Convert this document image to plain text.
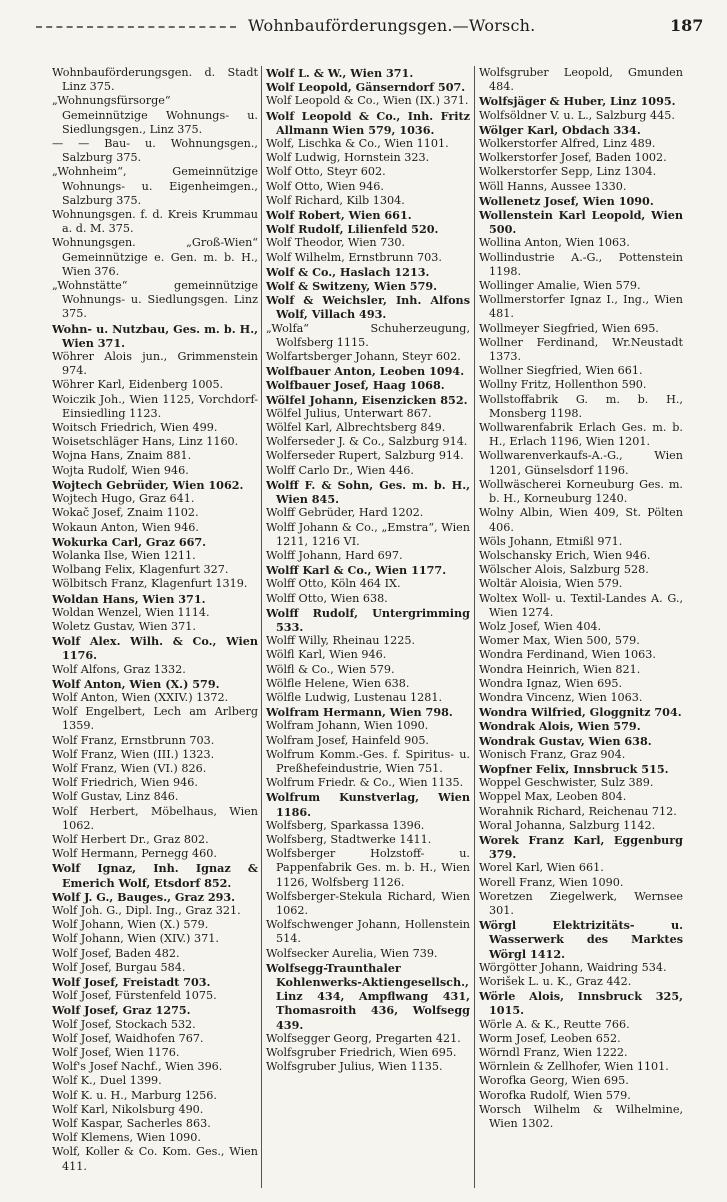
Wohnbauförderungsgen.—Worsch.	187
Wohnbauförderungsgen. d. Stadt Linz 375.
„Wohnungsfürsorge“ Gemeinnützige Wohnungs- u. Siedlungsgen., Linz 375.
— — Bau- u. Wohnungsgen., Salzburg 375.
„Wohnheim“, Gemeinnützige Wohnungs- u. Eigenheimgen., Salzburg 375.
Wohnungsgen. f. d. Kreis Krummau a. d. M. 375.
Wohnungsgen. „Groß-Wien“ Gemeinnützige e. Gen. m. b. H., Wien 376.
„Wohnstätte“ gemeinnützige Wohnungs- u. Siedlungsgen. Linz 375.
Wohn- u. Nutzbau, Ges. m. b. H., Wien 371.
Wöhrer Alois jun., Grimmenstein 974.
Wöhrer Karl, Eidenberg 1005.
Woiczik Joh., Wien 1125, Vorchdorf-Einsiedling 1123.
Woitsch Friedrich, Wien 499.
Woisetschläger Hans, Linz 1160.
Wojna Hans, Znaim 881.
Wojta Rudolf, Wien 946.
Wojtech Gebrüder, Wien 1062.
Wojtech Hugo, Graz 641.
Wokač Josef, Znaim 1102.
Wokaun Anton, Wien 946.
Wokurka Carl, Graz 667.
Wolanka Ilse, Wien 1211.
Wolbang Felix, Klagenfurt 327.
Wölbitsch Franz, Klagenfurt 1319.
Woldan Hans, Wien 371.
Woldan Wenzel, Wien 1114.
Woletz Gustav, Wien 371.
Wolf Alex. Wilh. & Co., Wien 1176.
Wolf Alfons, Graz 1332.
Wolf Anton, Wien (X.) 579.
Wolf Anton, Wien (XXIV.) 1372.
Wolf Engelbert, Lech am Arlberg 1359.
Wolf Franz, Ernstbrunn 703.
Wolf Franz, Wien (III.) 1323.
Wolf Franz, Wien (VI.) 826.
Wolf Friedrich, Wien 946.
Wolf Gustav, Linz 846.
Wolf Herbert, Möbelhaus, Wien 1062.
Wolf Herbert Dr., Graz 802.
Wolf Hermann, Pernegg 460.
Wolf Ignaz, Inh. Ignaz & Emerich Wolf, Etsdorf 852.
Wolf J. G., Bauges., Graz 293.
Wolf Joh. G., Dipl. Ing., Graz 321.
Wolf Johann, Wien (X.) 579.
Wolf Johann, Wien (XIV.) 371.
Wolf Josef, Baden 482.
Wolf Josef, Burgau 584.
Wolf Josef, Freistadt 703.
Wolf Josef, Fürstenfeld 1075.
Wolf Josef, Graz 1275.
Wolf Josef, Stockach 532.
Wolf Josef, Waidhofen 767.
Wolf Josef, Wien 1176.
Wolf's Josef Nachf., Wien 396.
Wolf K., Duel 1399.
Wolf K. u. H., Marburg 1256.
Wolf Karl, Nikolsburg 490.
Wolf Kaspar, Sacherles 863.
Wolf Klemens, Wien 1090.
Wolf, Koller & Co. Kom. Ges., Wien 411.
Wolf L. & W., Wien 371.
Wolf Leopold, Gänserndorf 507.
Wolf Leopold & Co., Wien (IX.) 371.
Wolf Leopold & Co., Inh. Fritz Allmann Wien 579, 1036.
Wolf, Lischka & Co., Wien 1101.
Wolf Ludwig, Hornstein 323.
Wolf Otto, Steyr 602.
Wolf Otto, Wien 946.
Wolf Richard, Kilb 1304.
Wolf Robert, Wien 661.
Wolf Rudolf, Lilienfeld 520.
Wolf Theodor, Wien 730.
Wolf Wilhelm, Ernstbrunn 703.
Wolf & Co., Haslach 1213.
Wolf & Switzeny, Wien 579.
Wolf & Weichsler, Inh. Alfons Wolf, Villach 493.
„Wolfa“ Schuherzeugung, Wolfsberg 1115.
Wolfartsberger Johann, Steyr 602.
Wolfbauer Anton, Leoben 1094.
Wolfbauer Josef, Haag 1068.
Wölfel Johann, Eisenzicken 852.
Wölfel Julius, Unterwart 867.
Wölfel Karl, Albrechtsberg 849.
Wolferseder J. & Co., Salzburg 914.
Wolferseder Rupert, Salzburg 914.
Wolff Carlo Dr., Wien 446.
Wolff F. & Sohn, Ges. m. b. H., Wien 845.
Wolff Gebrüder, Hard 1202.
Wolff Johann & Co., „Emstra“, Wien 1211, 1216 VI.
Wolff Johann, Hard 697.
Wolff Karl & Co., Wien 1177.
Wolff Otto, Köln 464 IX.
Wolff Otto, Wien 638.
Wolff Rudolf, Untergrimming 533.
Wolff Willy, Rheinau 1225.
Wölfl Karl, Wien 946.
Wölfl & Co., Wien 579.
Wölfle Helene, Wien 638.
Wölfle Ludwig, Lustenau 1281.
Wolfram Hermann, Wien 798.
Wolfram Johann, Wien 1090.
Wolfram Josef, Hainfeld 905.
Wolfrum Komm.-Ges. f. Spiritus- u. Preßhefeindustrie, Wien 751.
Wolfrum Friedr. & Co., Wien 1135.
Wolfrum Kunstverlag, Wien 1186.
Wolfsberg, Sparkassa 1396.
Wolfsberg, Stadtwerke 1411.
Wolfsberger Holzstoff- u. Pappenfabrik Ges. m. b. H., Wien 1126, Wolfsberg 1126.
Wolfsberger-Stekula Richard, Wien 1062.
Wolfschwenger Johann, Hollenstein 514.
Wolfsecker Aurelia, Wien 739.
Wolfsegg-Traunthaler Kohlenwerks-Aktiengesellsch., Linz 434, Ampflwang 431, Thomasroith 436, Wolfsegg 439.
Wolfsegger Georg, Pregarten 421.
Wolfsgruber Friedrich, Wien 695.
Wolfsgruber Julius, Wien 1135.
Wolfsgruber Leopold, Gmunden 484.
Wolfsjäger & Huber, Linz 1095.
Wolfsöldner V. u. L., Salzburg 445.
Wölger Karl, Obdach 334.
Wolkerstorfer Alfred, Linz 489.
Wolkerstorfer Josef, Baden 1002.
Wolkerstorfer Sepp, Linz 1304.
Wöll Hanns, Aussee 1330.
Wollenetz Josef, Wien 1090.
Wollenstein Karl Leopold, Wien 500.
Wollina Anton, Wien 1063.
Wollindustrie A.-G., Pottenstein 1198.
Wollinger Amalie, Wien 579.
Wollmerstorfer Ignaz I., Ing., Wien 481.
Wollmeyer Siegfried, Wien 695.
Wollner Ferdinand, Wr.Neustadt 1373.
Wollner Siegfried, Wien 661.
Wollny Fritz, Hollenthon 590.
Wollstoffabrik G. m. b. H., Monsberg 1198.
Wollwarenfabrik Erlach Ges. m. b. H., Erlach 1196, Wien 1201.
Wollwarenverkaufs-A.-G., Wien 1201, Günselsdorf 1196.
Wollwäscherei Korneuburg Ges. m. b. H., Korneuburg 1240.
Wolny Albin, Wien 409, St. Pölten 406.
Wöls Johann, Etmißl 971.
Wolschansky Erich, Wien 946.
Wölscher Alois, Salzburg 528.
Woltär Aloisia, Wien 579.
Woltex Woll- u. Textil-Landes A. G., Wien 1274.
Wolz Josef, Wien 404.
Womer Max, Wien 500, 579.
Wondra Ferdinand, Wien 1063.
Wondra Heinrich, Wien 821.
Wondra Ignaz, Wien 695.
Wondra Vincenz, Wien 1063.
Wondra Wilfried, Gloggnitz 704.
Wondrak Alois, Wien 579.
Wondrak Gustav, Wien 638.
Wonisch Franz, Graz 904.
Wopfner Felix, Innsbruck 515.
Woppel Geschwister, Sulz 389.
Woppel Max, Leoben 804.
Worahnik Richard, Reichenau 712.
Woral Johanna, Salzburg 1142.
Worek Franz Karl, Eggenburg 379.
Worel Karl, Wien 661.
Worell Franz, Wien 1090.
Woretzen Ziegelwerk, Wernsee 301.
Wörgl Elektrizitäts- u. Wasserwerk des Marktes Wörgl 1412.
Wörgötter Johann, Waidring 534.
Worišek L. u. K., Graz 442.
Wörle Alois, Innsbruck 325, 1015.
Wörle A. & K., Reutte 766.
Worm Josef, Leoben 652.
Wörndl Franz, Wien 1222.
Wörnlein & Zellhofer, Wien 1101.
Worofka Georg, Wien 695.
Worofka Rudolf, Wien 579.
Worsch Wilhelm & Wilhelmine, Wien 1302.
